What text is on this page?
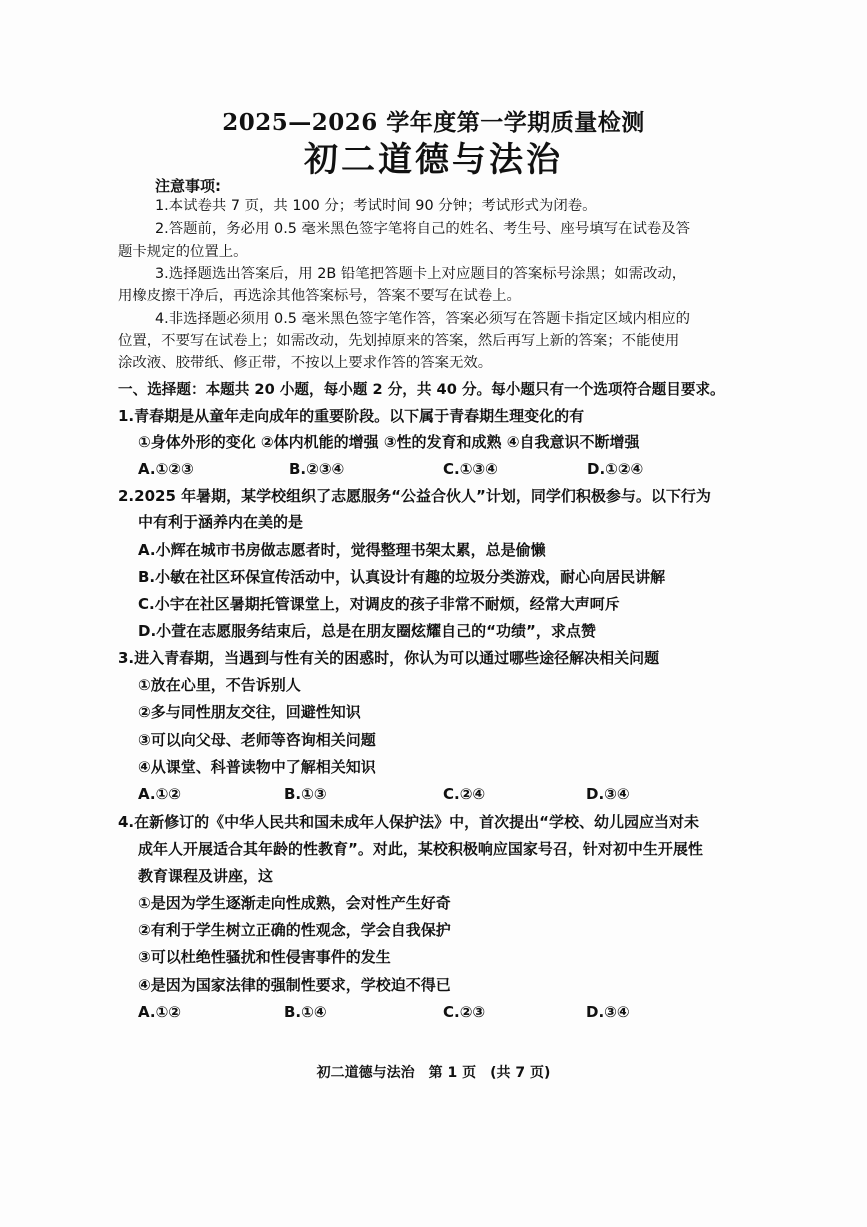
2025—2026 学年度第一学期质量检测
初二道德与法治
注意事项:
1.本试卷共 7 页，共 100 分；考试时间 90 分钟；考试形式为闭卷。
2.答题前，务必用 0.5 毫米黑色签字笔将自己的姓名、考生号、座号填写在试卷及答
题卡规定的位置上。
3.选择题选出答案后，用 2B 铅笔把答题卡上对应题目的答案标号涂黑；如需改动，
用橡皮擦干净后，再选涂其他答案标号，答案不要写在试卷上。
4.非选择题必须用 0.5 毫米黑色签字笔作答，答案必须写在答题卡指定区域内相应的
位置，不要写在试卷上；如需改动，先划掉原来的答案，然后再写上新的答案；不能使用
涂改液、胶带纸、修正带，不按以上要求作答的答案无效。
一、选择题：本题共 20 小题，每小题 2 分，共 40 分。每小题只有一个选项符合题目要求。
1.青春期是从童年走向成年的重要阶段。以下属于青春期生理变化的有
①身体外形的变化 ②体内机能的增强 ③性的发育和成熟 ④自我意识不断增强
A.①②③	B.②③④	C.①③④	D.①②④
2.2025 年暑期，某学校组织了志愿服务“公益合伙人”计划，同学们积极参与。以下行为
中有利于涵养内在美的是
A.小辉在城市书房做志愿者时，觉得整理书架太累，总是偷懒
B.小敏在社区环保宣传活动中，认真设计有趣的垃圾分类游戏，耐心向居民讲解
C.小宇在社区暑期托管课堂上，对调皮的孩子非常不耐烦，经常大声呵斥
D.小萱在志愿服务结束后，总是在朋友圈炫耀自己的“功绩”，求点赞
3.进入青春期，当遇到与性有关的困惑时，你认为可以通过哪些途径解决相关问题
①放在心里，不告诉别人
②多与同性朋友交往，回避性知识
③可以向父母、老师等咨询相关问题
④从课堂、科普读物中了解相关知识
A.①②	B.①③	C.②④	D.③④
4.在新修订的《中华人民共和国未成年人保护法》中，首次提出“学校、幼儿园应当对未
成年人开展适合其年龄的性教育”。对此，某校积极响应国家号召，针对初中生开展性
教育课程及讲座，这
①是因为学生逐渐走向性成熟，会对性产生好奇
②有利于学生树立正确的性观念，学会自我保护
③可以杜绝性骚扰和性侵害事件的发生
④是因为国家法律的强制性要求，学校迫不得已
A.①②	B.①④	C.②③	D.③④
初二道德与法治　第 1 页　(共 7 页)
